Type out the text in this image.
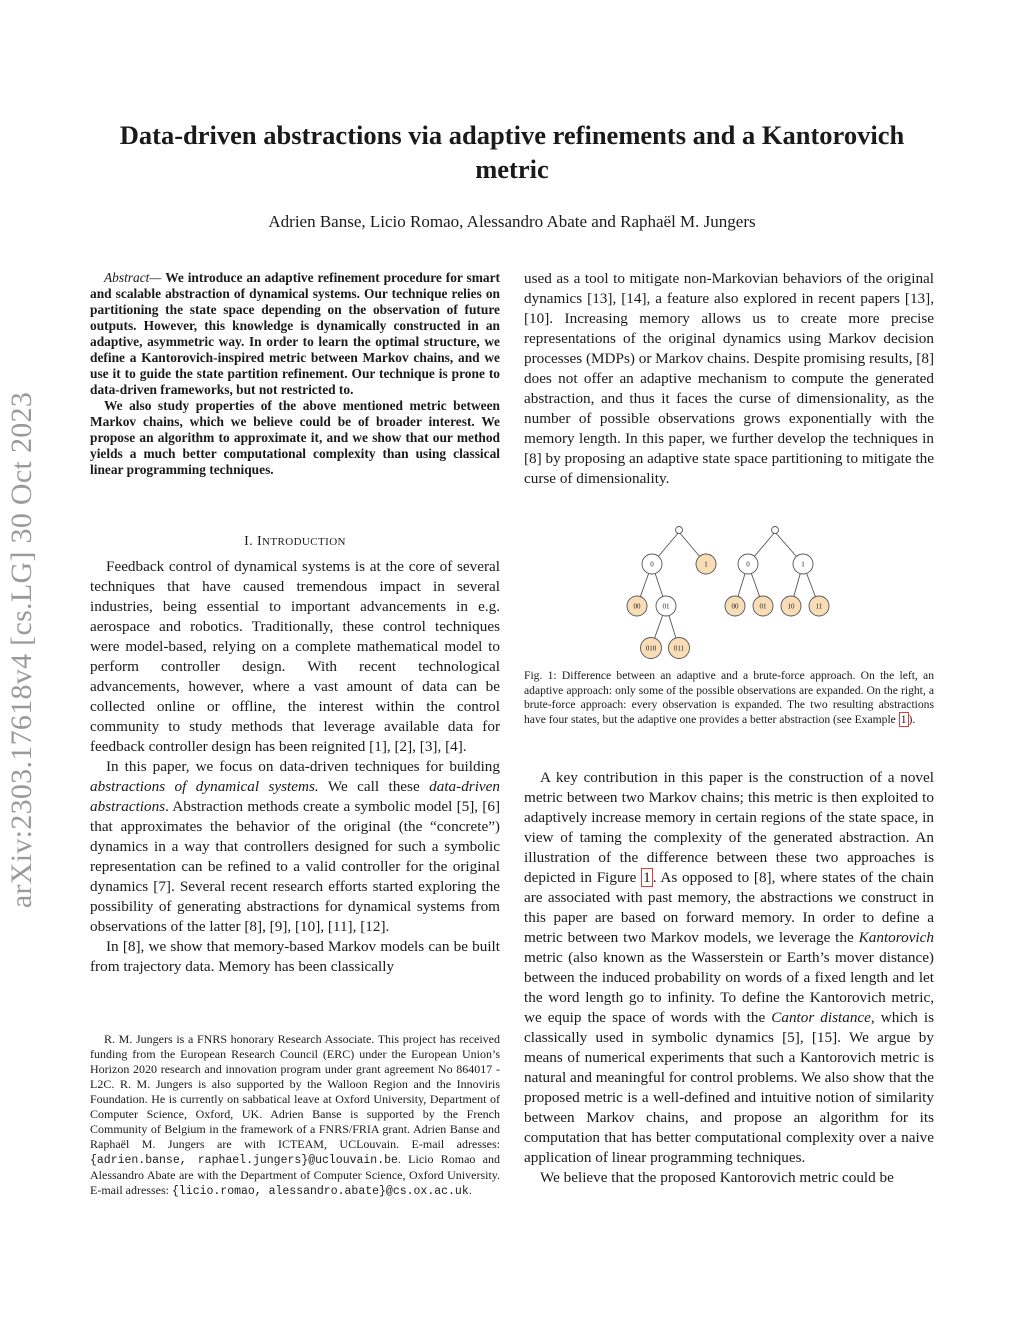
arXiv:2303.17618v4 [cs.LG] 30 Oct 2023
Data-driven abstractions via adaptive refinements and a Kantorovich metric
Adrien Banse, Licio Romao, Alessandro Abate and Raphaël M. Jungers

Abstract— We introduce an adaptive refinement procedure for smart and scalable abstraction of dynamical systems. Our technique relies on partitioning the state space depending on the observation of future outputs. However, this knowledge is dynamically constructed in an adaptive, asymmetric way. In order to learn the optimal structure, we define a Kantorovich-inspired metric between Markov chains, and we use it to guide the state partition refinement. Our technique is prone to data-driven frameworks, but not restricted to.

We also study properties of the above mentioned metric between Markov chains, which we believe could be of broader interest. We propose an algorithm to approximate it, and we show that our method yields a much better computational complexity than using classical linear programming techniques.

I. INTRODUCTION

Feedback control of dynamical systems is at the core of several techniques that have caused tremendous impact in several industries, being essential to important advancements in e.g. aerospace and robotics. Traditionally, these control techniques were model-based, relying on a complete mathematical model to perform controller design. With recent technological advancements, however, where a vast amount of data can be collected online or offline, the interest within the control community to study methods that leverage available data for feedback controller design has been reignited [1], [2], [3], [4].

In this paper, we focus on data-driven techniques for building abstractions of dynamical systems. We call these data-driven abstractions. Abstraction methods create a symbolic model [5], [6] that approximates the behavior of the original (the “concrete”) dynamics in a way that controllers designed for such a symbolic representation can be refined to a valid controller for the original dynamics [7]. Several recent research efforts started exploring the possibility of generating abstractions for dynamical systems from observations of the latter [8], [9], [10], [11], [12].

In [8], we show that memory-based Markov models can be built from trajectory data. Memory has been classically

R. M. Jungers is a FNRS honorary Research Associate. This project has received funding from the European Research Council (ERC) under the European Union’s Horizon 2020 research and innovation program under grant agreement No 864017 - L2C. R. M. Jungers is also supported by the Walloon Region and the Innoviris Foundation. He is currently on sabbatical leave at Oxford University, Department of Computer Science, Oxford, UK. Adrien Banse is supported by the French Community of Belgium in the framework of a FNRS/FRIA grant. Adrien Banse and Raphaël M. Jungers are with ICTEAM, UCLouvain. E-mail adresses: {adrien.banse, raphael.jungers}@uclouvain.be. Licio Romao and Alessandro Abate are with the Department of Computer Science, Oxford University. E-mail adresses: {licio.romao, alessandro.abate}@cs.ox.ac.uk.

used as a tool to mitigate non-Markovian behaviors of the original dynamics [13], [14], a feature also explored in recent papers [13], [10]. Increasing memory allows us to create more precise representations of the original dynamics using Markov decision processes (MDPs) or Markov chains. Despite promising results, [8] does not offer an adaptive mechanism to compute the generated abstraction, and thus it faces the curse of dimensionality, as the number of possible observations grows exponentially with the memory length. In this paper, we further develop the techniques in [8] by proposing an adaptive state space partitioning to mitigate the curse of dimensionality.

0	1
00	01
010	011
0	1
00	01	10	11
Fig. 1: Difference between an adaptive and a brute-force approach. On the left, an adaptive approach: only some of the possible observations are expanded. On the right, a brute-force approach: every observation is expanded. The two resulting abstractions have four states, but the adaptive one provides a better abstraction (see Example 1 ).

A key contribution in this paper is the construction of a novel metric between two Markov chains; this metric is then exploited to adaptively increase memory in certain regions of the state space, in view of taming the complexity of the generated abstraction. An illustration of the difference between these two approaches is depicted in Figure 1 . As opposed to [8], where states of the chain are associated with past memory, the abstractions we construct in this paper are based on forward memory. In order to define a metric between two Markov models, we leverage the Kantorovich metric (also known as the Wasserstein or Earth’s mover distance) between the induced probability on words of a fixed length and let the word length go to infinity. To define the Kantorovich metric, we equip the space of words with the Cantor distance, which is classically used in symbolic dynamics [5], [15]. We argue by means of numerical experiments that such a Kantorovich metric is natural and meaningful for control problems. We also show that the proposed metric is a well-defined and intuitive notion of similarity between Markov chains, and propose an algorithm for its computation that has better computational complexity over a naive application of linear programming techniques.

We believe that the proposed Kantorovich metric could be
